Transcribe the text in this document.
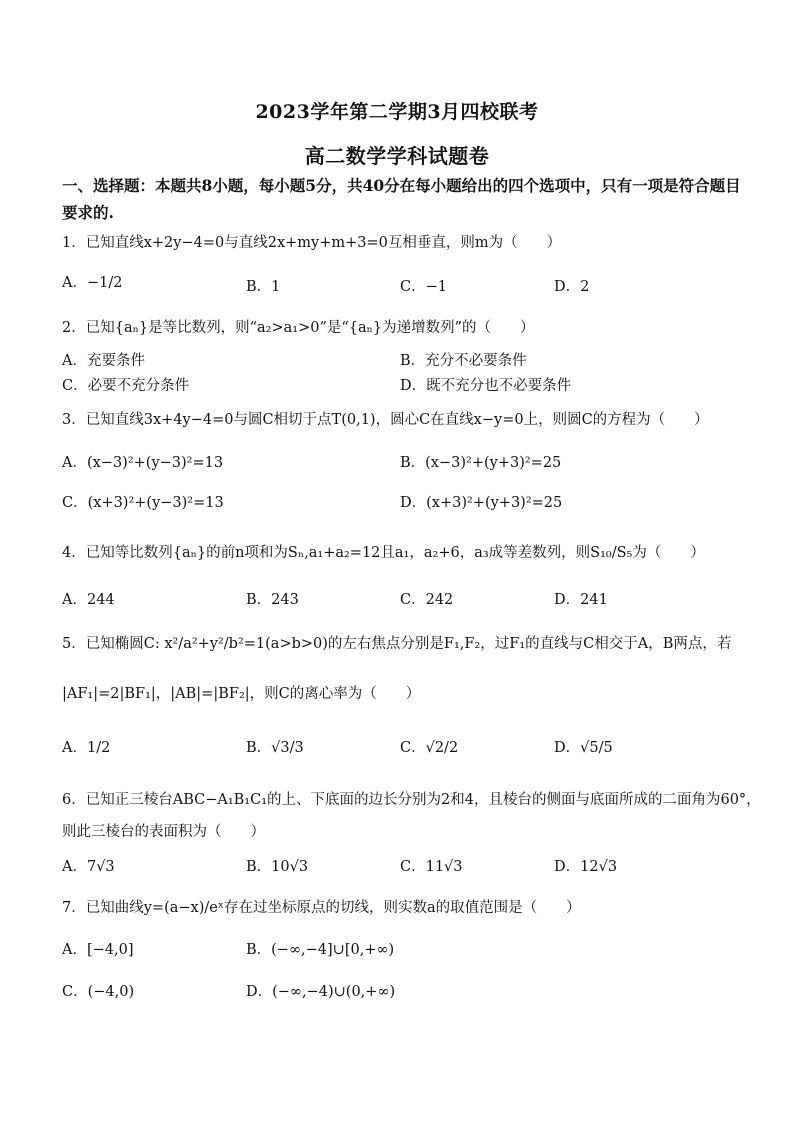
2023学年第二学期3月四校联考
高二数学学科试题卷
一、选择题：本题共8小题，每小题5分，共40分在每小题给出的四个选项中，只有一项是符合题目要求的.
1．已知直线x+2y−4=0与直线2x+my+m+3=0互相垂直，则m为（　　）
A．−1/2	B．1	C．−1	D．2
2．已知{aₙ}是等比数列，则“a₂>a₁>0”是“{aₙ}为递增数列”的（　　）
A．充要条件	B．充分不必要条件
C．必要不充分条件	D．既不充分也不必要条件
3．已知直线3x+4y−4=0与圆C相切于点T(0,1)，圆心C在直线x−y=0上，则圆C的方程为（　　）
A．(x−3)²+(y−3)²=13	B．(x−3)²+(y+3)²=25
C．(x+3)²+(y−3)²=13	D．(x+3)²+(y+3)²=25
4．已知等比数列{aₙ}的前n项和为Sₙ,a₁+a₂=12且a₁，a₂+6，a₃成等差数列，则S₁₀/S₅为（　　）
A．244	B．243	C．242	D．241
5．已知椭圆C: x²/a²+y²/b²=1(a>b>0)的左右焦点分别是F₁,F₂，过F₁的直线与C相交于A，B两点，若
|AF₁|=2|BF₁|，|AB|=|BF₂|，则C的离心率为（　　）
A．1/2	B．√3/3	C．√2/2	D．√5/5
6．已知正三棱台ABC−A₁B₁C₁的上、下底面的边长分别为2和4，且棱台的侧面与底面所成的二面角为60°，
则此三棱台的表面积为（　　）
A．7√3	B．10√3	C．11√3	D．12√3
7．已知曲线y=(a−x)/eˣ存在过坐标原点的切线，则实数a的取值范围是（　　）
A．[−4,0]	B．(−∞,−4]∪[0,+∞)
C．(−4,0)	D．(−∞,−4)∪(0,+∞)
